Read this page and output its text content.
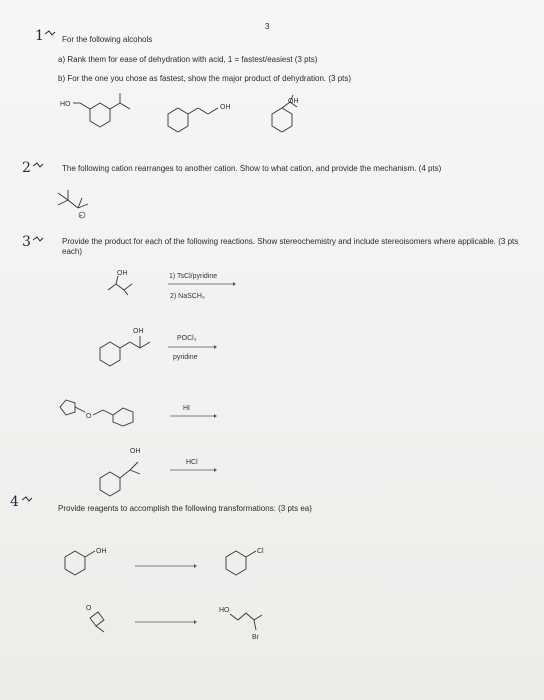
3
1 For the following alcohols
a) Rank them for ease of dehydration with acid, 1 = fastest/easiest (3 pts)
b) For the one you chose as fastest, show the major product of dehydration. (3 pts)
2	The following cation rearranges to another cation. Show to what cation, and provide the mechanism. (4 pts)
3	Provide the product for each of the following reactions. Show stereochemistry and include stereoisomers where applicable. (3 pts each)
4	Provide reagents to accomplish the following transformations: (3 pts ea)
HO	OH
OH
+
OH	1) TsCl/pyridine
2) NaSCH₃
OH
POCl₃
pyridine
O
HI
OH
HCl
OH	Cl
O	HO
Br
